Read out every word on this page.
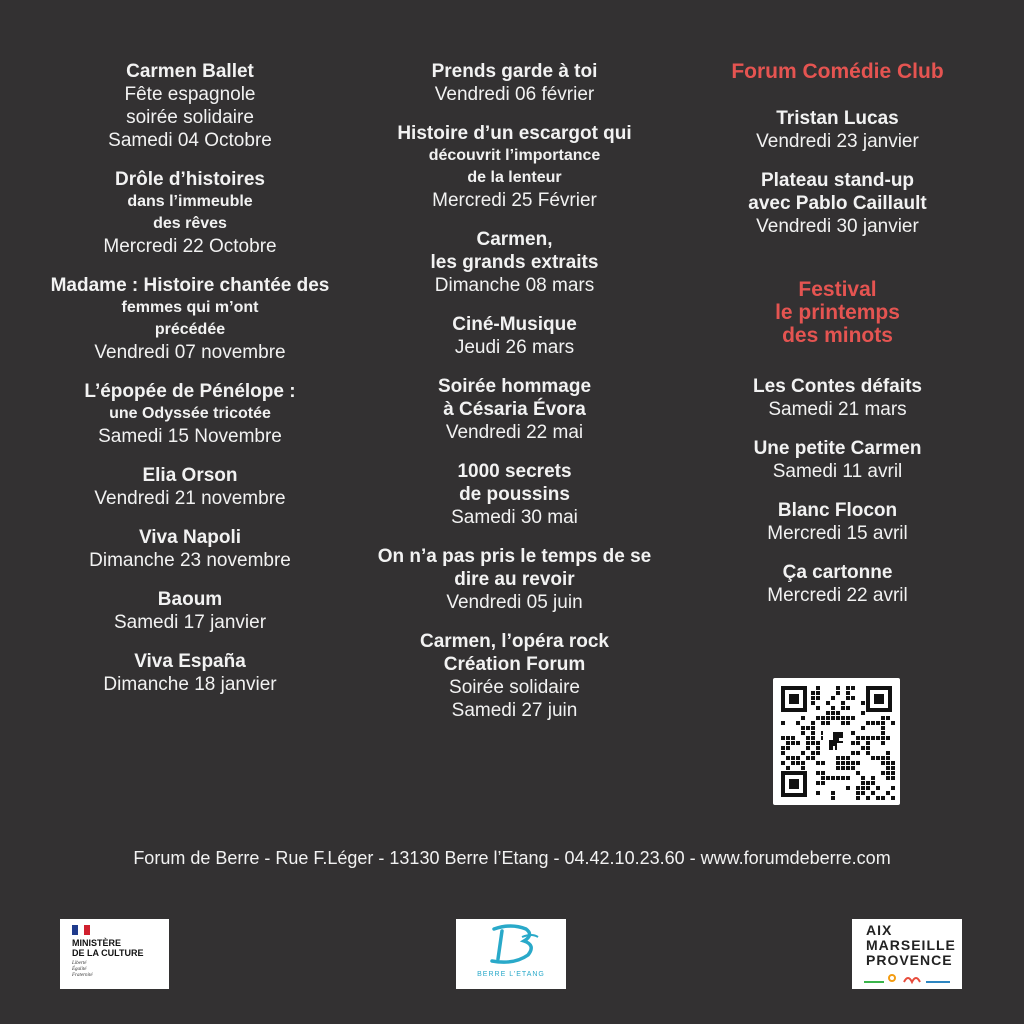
Carmen Ballet
Fête espagnole
soirée solidaire
Samedi 04 Octobre
Drôle d’histoires
dans l’immeuble
des rêves
Mercredi 22 Octobre
Madame : Histoire chantée des
femmes qui m’ont
précédée
Vendredi 07 novembre
L’épopée de Pénélope :
une Odyssée tricotée
Samedi 15 Novembre
Elia Orson
Vendredi 21 novembre
Viva Napoli
Dimanche 23 novembre
Baoum
Samedi 17 janvier
Viva España
Dimanche 18 janvier
Prends garde à toi
Vendredi 06 février
Histoire d’un escargot qui
découvrit l’importance
de la lenteur
Mercredi 25 Février
Carmen,
les grands extraits
Dimanche 08 mars
Ciné-Musique
Jeudi 26 mars
Soirée hommage
à Césaria Évora
Vendredi 22 mai
1000 secrets
de poussins
Samedi 30 mai
On n’a pas pris le temps de se
dire au revoir
Vendredi 05 juin
Carmen, l’opéra rock
Création Forum
Soirée solidaire
Samedi 27 juin
Forum Comédie Club
Tristan Lucas
Vendredi 23 janvier
Plateau stand-up
avec Pablo Caillault
Vendredi 30 janvier
Festival
le printemps
des minots
Les Contes défaits
Samedi 21 mars
Une petite Carmen
Samedi 11 avril
Blanc Flocon
Mercredi 15 avril
Ça cartonne
Mercredi 22 avril
Forum de Berre - Rue F.Léger - 13130 Berre l’Etang - 04.42.10.23.60 - www.forumdeberre.com
MINISTÈRE
DE LA CULTURE
Liberté
Égalité
Fraternité	BERRE L’ETANG
AIX
MARSEILLE
PROVENCE
